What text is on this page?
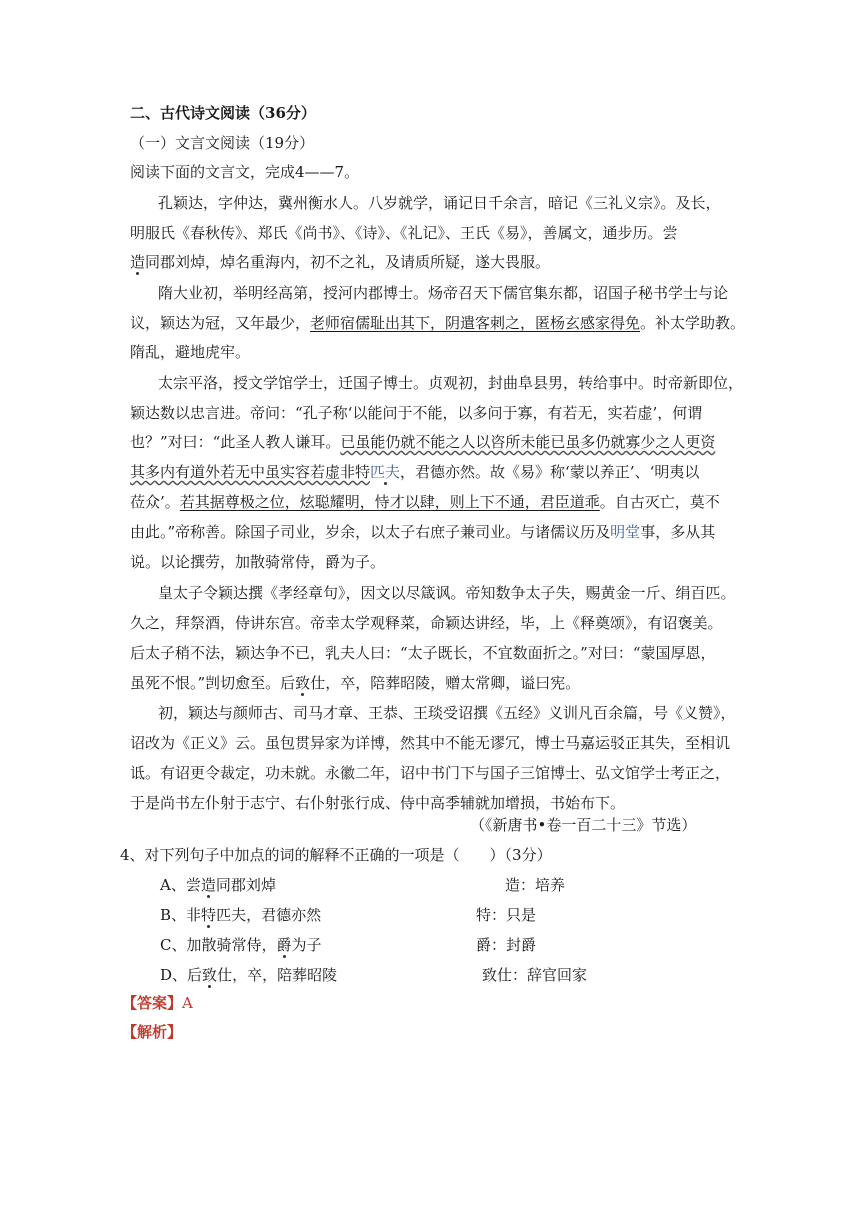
二、古代诗文阅读（36分）
（一）文言文阅读（19分）
阅读下面的文言文，完成4——7。
孔颖达，字仲达，冀州衡水人。八岁就学，诵记日千余言，暗记《三礼义宗》。及长，
明服氏《春秋传》、郑氏《尚书》、《诗》、《礼记》、王氏《易》，善属文，通步历。尝
造同郡刘焯，焯名重海内，初不之礼，及请质所疑，遂大畏服。
隋大业初，举明经高第，授河内郡博士。炀帝召天下儒官集东都，诏国子秘书学士与论
议，颖达为冠，又年最少，老师宿儒耻出其下，阴遣客刺之，匿杨玄感家得免。补太学助教。
隋乱，避地虎牢。
太宗平洛，授文学馆学士，迁国子博士。贞观初，封曲阜县男，转给事中。时帝新即位，
颖达数以忠言进。帝问：“孔子称‘以能问于不能，以多问于寡，有若无，实若虚’，何谓
也？”对曰：“此圣人教人谦耳。已虽能仍就不能之人以咨所未能已虽多仍就寡少之人更资
其多内有道外若无中虽实容若虚非特匹夫，君德亦然。故《易》称‘蒙以养正’、‘明夷以
莅众’。若其据尊极之位，炫聪耀明，恃才以肆，则上下不通，君臣道乖。自古灭亡，莫不
由此。”帝称善。除国子司业，岁余，以太子右庶子兼司业。与诸儒议历及明堂事，多从其
说。以论撰劳，加散骑常侍，爵为子。
皇太子令颖达撰《孝经章句》，因文以尽箴讽。帝知数争太子失，赐黄金一斤、绢百匹。
久之，拜祭酒，侍讲东宫。帝幸太学观释菜，命颖达讲经，毕，上《释奠颂》，有诏褒美。
后太子稍不法，颖达争不已，乳夫人曰：“太子既长，不宜数面折之。”对曰：“蒙国厚恩，
虽死不恨。”剀切愈至。后致仕，卒，陪葬昭陵，赠太常卿，谥曰宪。
初，颖达与颜师古、司马才章、王恭、王琰受诏撰《五经》义训凡百余篇，号《义赞》，
诏改为《正义》云。虽包贯异家为详博，然其中不能无谬冗，博士马嘉运驳正其失，至相讥
诋。有诏更令裁定，功未就。永徽二年，诏中书门下与国子三馆博士、弘文馆学士考正之，
于是尚书左仆射于志宁、右仆射张行成、侍中高季辅就加增损，书始布下。
（《新唐书•卷一百二十三》节选）
4、对下列句子中加点的词的解释不正确的一项是（　　）（3分）
A、尝造同郡刘焯	造：培养
B、非特匹夫，君德亦然	特：只是
C、加散骑常侍，爵为子	爵：封爵
D、后致仕，卒，陪葬昭陵	致仕：辞官回家
【答案】A
【解析】
